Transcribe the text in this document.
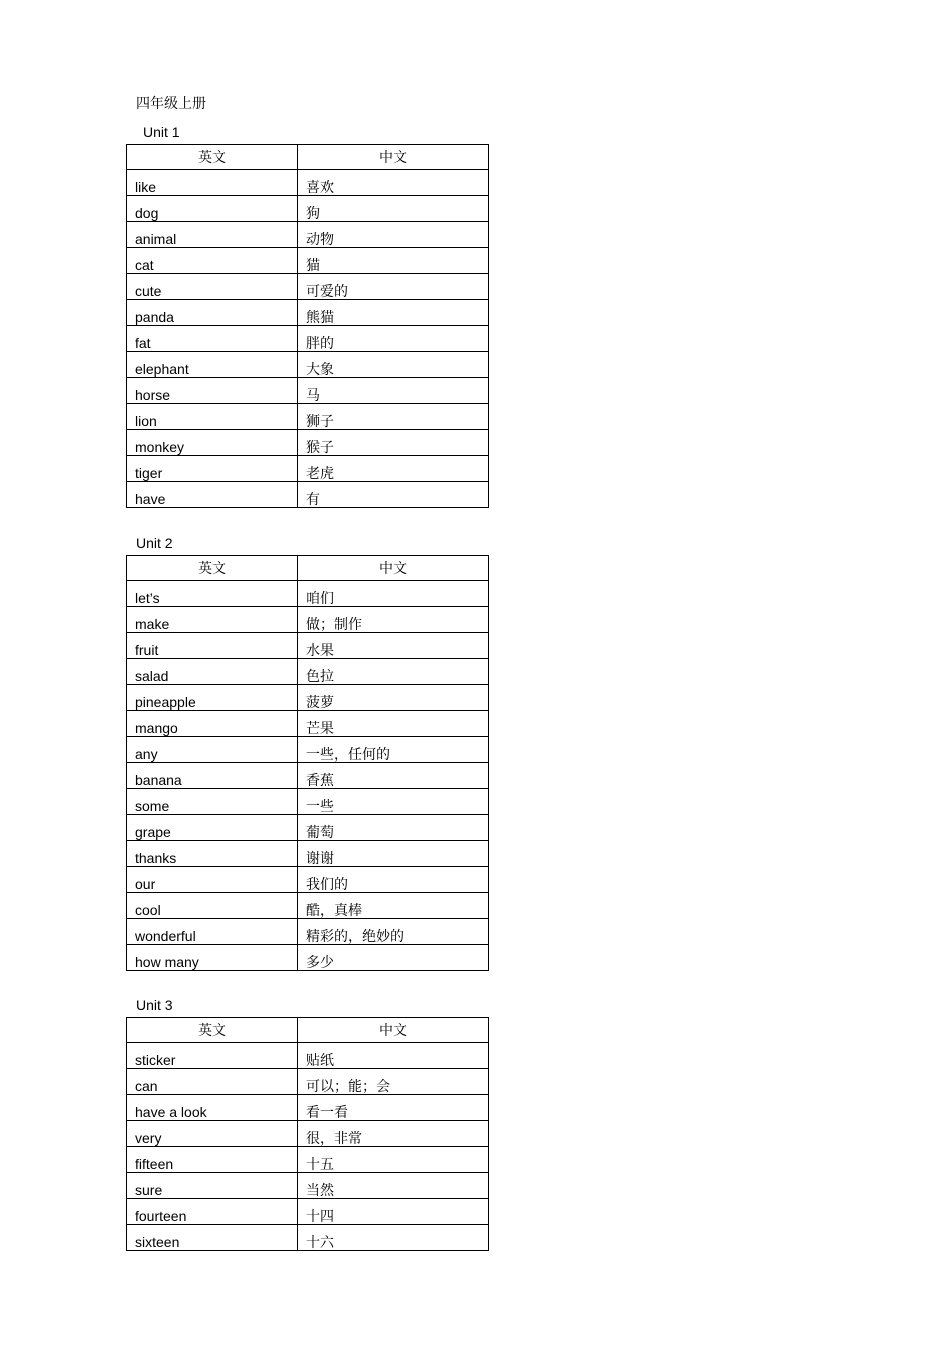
四年级上册
Unit 1
英文	中文
like	喜欢
dog	狗
animal	动物
cat	猫
cute	可爱的
panda	熊猫
fat	胖的
elephant	大象
horse	马
lion	狮子
monkey	猴子
tiger	老虎
have	有
Unit 2
英文	中文
let’s	咱们
make	做；制作
fruit	水果
salad	色拉
pineapple	菠萝
mango	芒果
any	一些，任何的
banana	香蕉
some	一些
grape	葡萄
thanks	谢谢
our	我们的
cool	酷，真棒
wonderful	精彩的，绝妙的
how many	多少
Unit 3
英文	中文
sticker	贴纸
can	可以；能；会
have a look	看一看
very	很，非常
fifteen	十五
sure	当然
fourteen	十四
sixteen	十六
